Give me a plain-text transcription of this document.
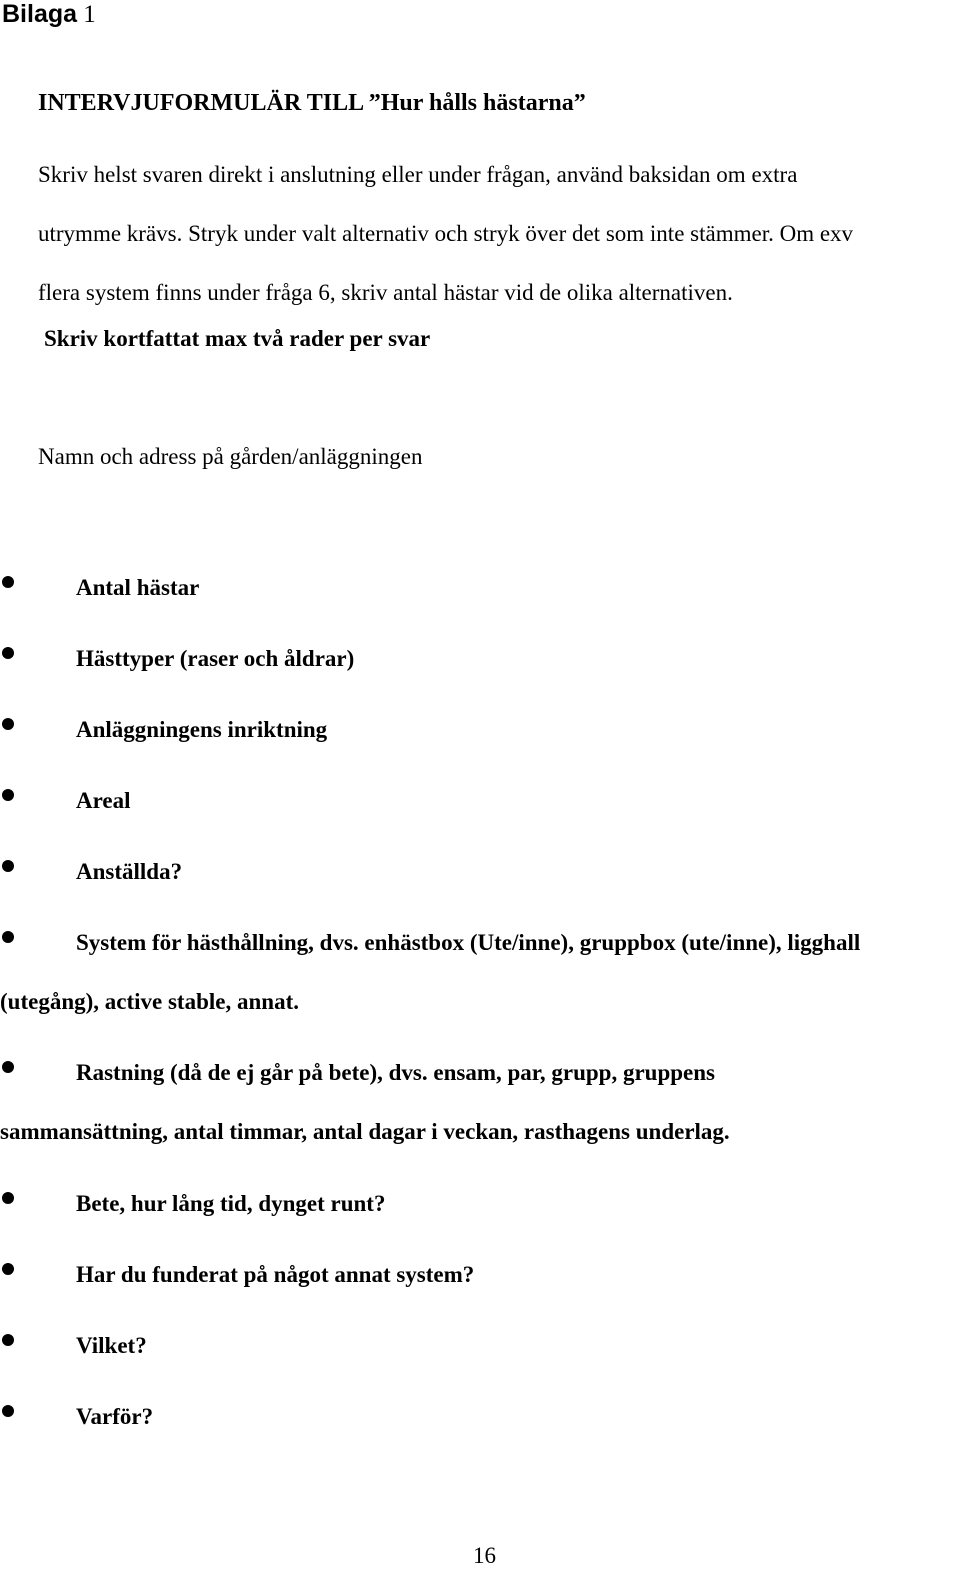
Bilaga 1
INTERVJUFORMULÄR TILL ”Hur hålls hästarna”
Skriv helst svaren direkt i anslutning eller under frågan, använd baksidan om extra
utrymme krävs. Stryk under valt alternativ och stryk över det som inte stämmer. Om exv
flera system finns under fråga 6, skriv antal hästar vid de olika alternativen.
Skriv kortfattat max två rader per svar
Namn och adress på gården/anläggningen
Antal hästar
Hästtyper (raser och åldrar)
Anläggningens inriktning
Areal
Anställda?
System för hästhållning, dvs. enhästbox (Ute/inne), gruppbox (ute/inne), ligghall
(utegång), active stable, annat.
Rastning (då de ej går på bete), dvs. ensam, par, grupp, gruppens
sammansättning, antal timmar, antal dagar i veckan, rasthagens underlag.
Bete, hur lång tid, dynget runt?
Har du funderat på något annat system?
Vilket?
Varför?
16
